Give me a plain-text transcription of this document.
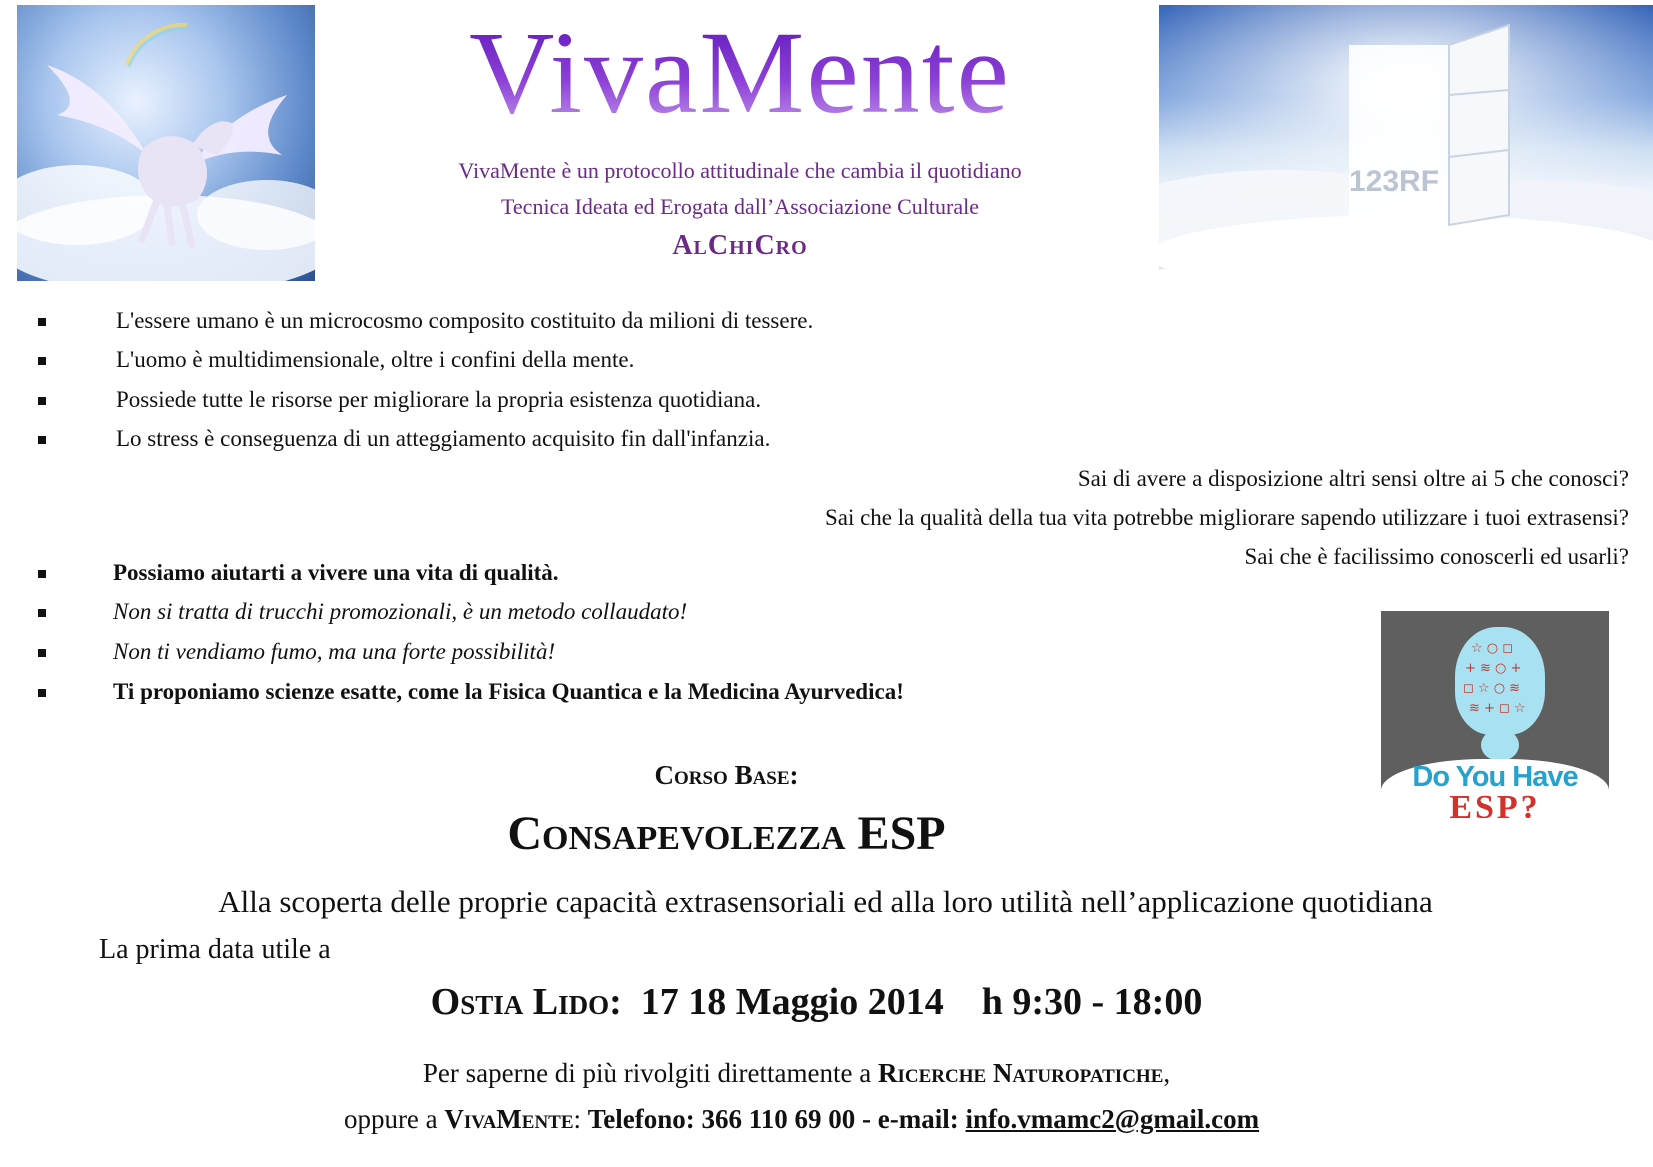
VivaMente
VivaMente è un protocollo attitudinale che cambia il quotidiano
Tecnica Ideata ed Erogata dall’Associazione Culturale
AlChiCro
123RF
L'essere umano è un microcosmo composito costituito da milioni di tessere.
L'uomo è multidimensionale, oltre i confini della mente.
Possiede tutte le risorse per migliorare la propria esistenza quotidiana.
Lo stress è conseguenza di un atteggiamento acquisito fin dall'infanzia.
Sai di avere a disposizione altri sensi oltre ai 5 che conosci?
Sai che la qualità della tua vita potrebbe migliorare sapendo utilizzare i tuoi extrasensi?
Sai che è facilissimo conoscerli ed usarli?
Possiamo aiutarti a vivere una vita di qualità.
Non si tratta di trucchi promozionali, è un metodo collaudato!
Non ti vendiamo fumo, ma una forte possibilità!
Ti proponiamo scienze esatte, come la Fisica Quantica e la Medicina Ayurvedica!
☆ ○ ◻
+ ≋ ○ +
◻ ☆ ○ ≋
≋ + ◻ ☆
Do You Have
ESP?
Corso Base:
Consapevolezza ESP
Alla scoperta delle proprie capacità extrasensoriali ed alla loro utilità nell’applicazione quotidiana
La prima data utile a
Ostia Lido: 17 18 Maggio 2014 h 9:30 - 18:00
Per saperne di più rivolgiti direttamente a Ricerche Naturopatiche,
oppure a VivaMente: Telefono: 366 110 69 00 - e-mail: info.vmamc2@gmail.com
